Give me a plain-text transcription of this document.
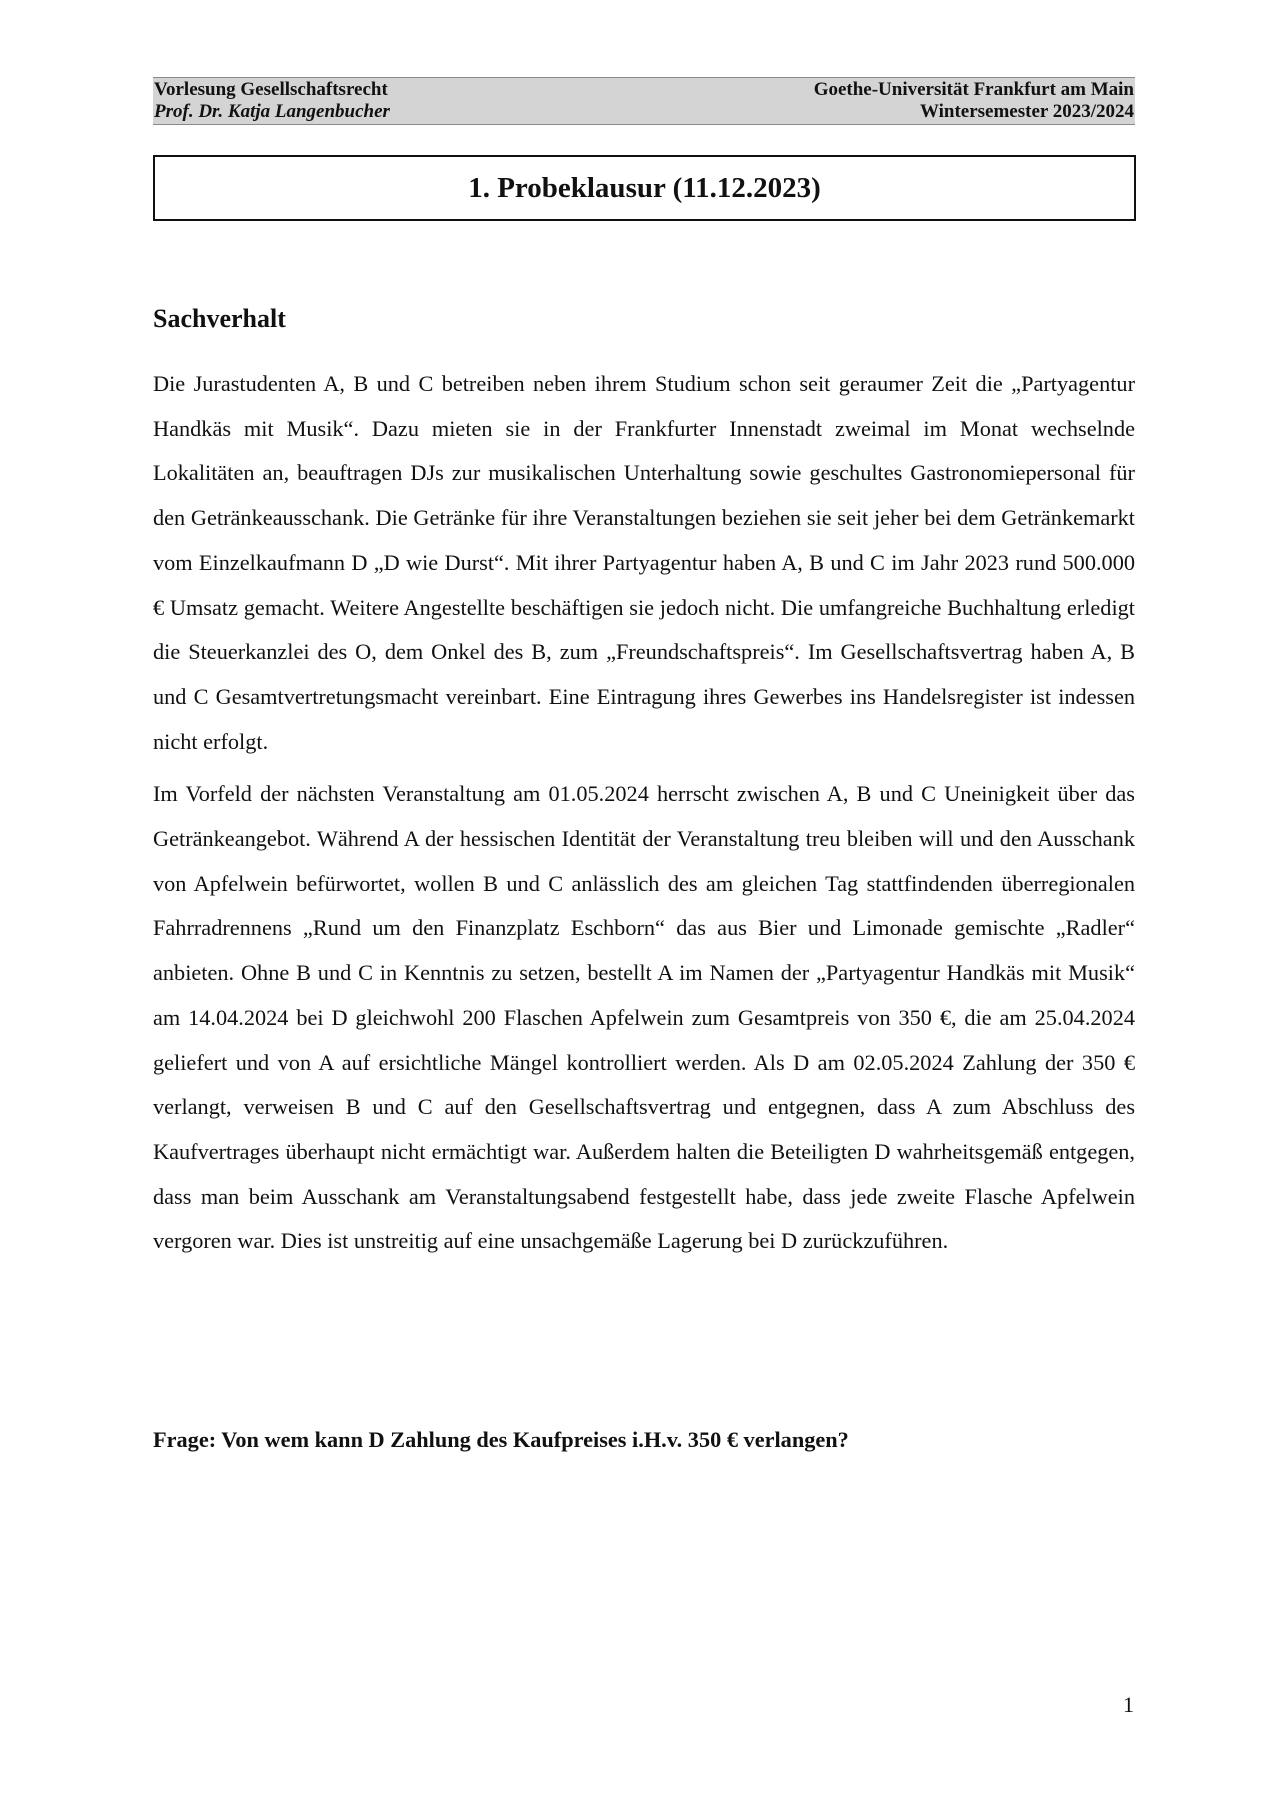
Vorlesung Gesellschaftsrecht
Prof. Dr. Katja Langenbucher
Goethe-Universität Frankfurt am Main
Wintersemester 2023/2024
1. Probeklausur (11.12.2023)
Sachverhalt

Die Jurastudenten A, B und C betreiben neben ihrem Studium schon seit geraumer Zeit die „Partyagentur Handkäs mit Musik“. Dazu mieten sie in der Frankfurter Innenstadt zweimal im Monat wechselnde Lokalitäten an, beauftragen DJs zur musikalischen Unterhaltung sowie geschultes Gastronomiepersonal für den Getränkeausschank. Die Getränke für ihre Veranstaltungen beziehen sie seit jeher bei dem Getränkemarkt vom Einzelkaufmann D „D wie Durst“. Mit ihrer Partyagentur haben A, B und C im Jahr 2023 rund 500.000 € Umsatz gemacht. Weitere Angestellte beschäftigen sie jedoch nicht. Die umfangreiche Buchhaltung erledigt die Steuerkanzlei des O, dem Onkel des B, zum „Freundschaftspreis“. Im Gesellschaftsvertrag haben A, B und C Gesamtvertretungsmacht vereinbart. Eine Eintragung ihres Gewerbes ins Handelsregister ist indessen nicht erfolgt.

Im Vorfeld der nächsten Veranstaltung am 01.05.2024 herrscht zwischen A, B und C Uneinigkeit über das Getränkeangebot. Während A der hessischen Identität der Veranstaltung treu bleiben will und den Ausschank von Apfelwein befürwortet, wollen B und C anlässlich des am gleichen Tag stattfindenden überregionalen Fahrradrennens „Rund um den Finanzplatz Eschborn“ das aus Bier und Limonade gemischte „Radler“ anbieten. Ohne B und C in Kenntnis zu setzen, bestellt A im Namen der „Partyagentur Handkäs mit Musik“ am 14.04.2024 bei D gleichwohl 200 Flaschen Apfelwein zum Gesamtpreis von 350 €, die am 25.04.2024 geliefert und von A auf ersichtliche Mängel kontrolliert werden. Als D am 02.05.2024 Zahlung der 350 € verlangt, verweisen B und C auf den Gesellschaftsvertrag und entgegnen, dass A zum Abschluss des Kaufvertrages überhaupt nicht ermächtigt war. Außerdem halten die Beteiligten D wahrheitsgemäß entgegen, dass man beim Ausschank am Veranstaltungsabend festgestellt habe, dass jede zweite Flasche Apfelwein vergoren war. Dies ist unstreitig auf eine unsachgemäße Lagerung bei D zurückzuführen.

Frage: Von wem kann D Zahlung des Kaufpreises i.H.v. 350 € verlangen?

1
